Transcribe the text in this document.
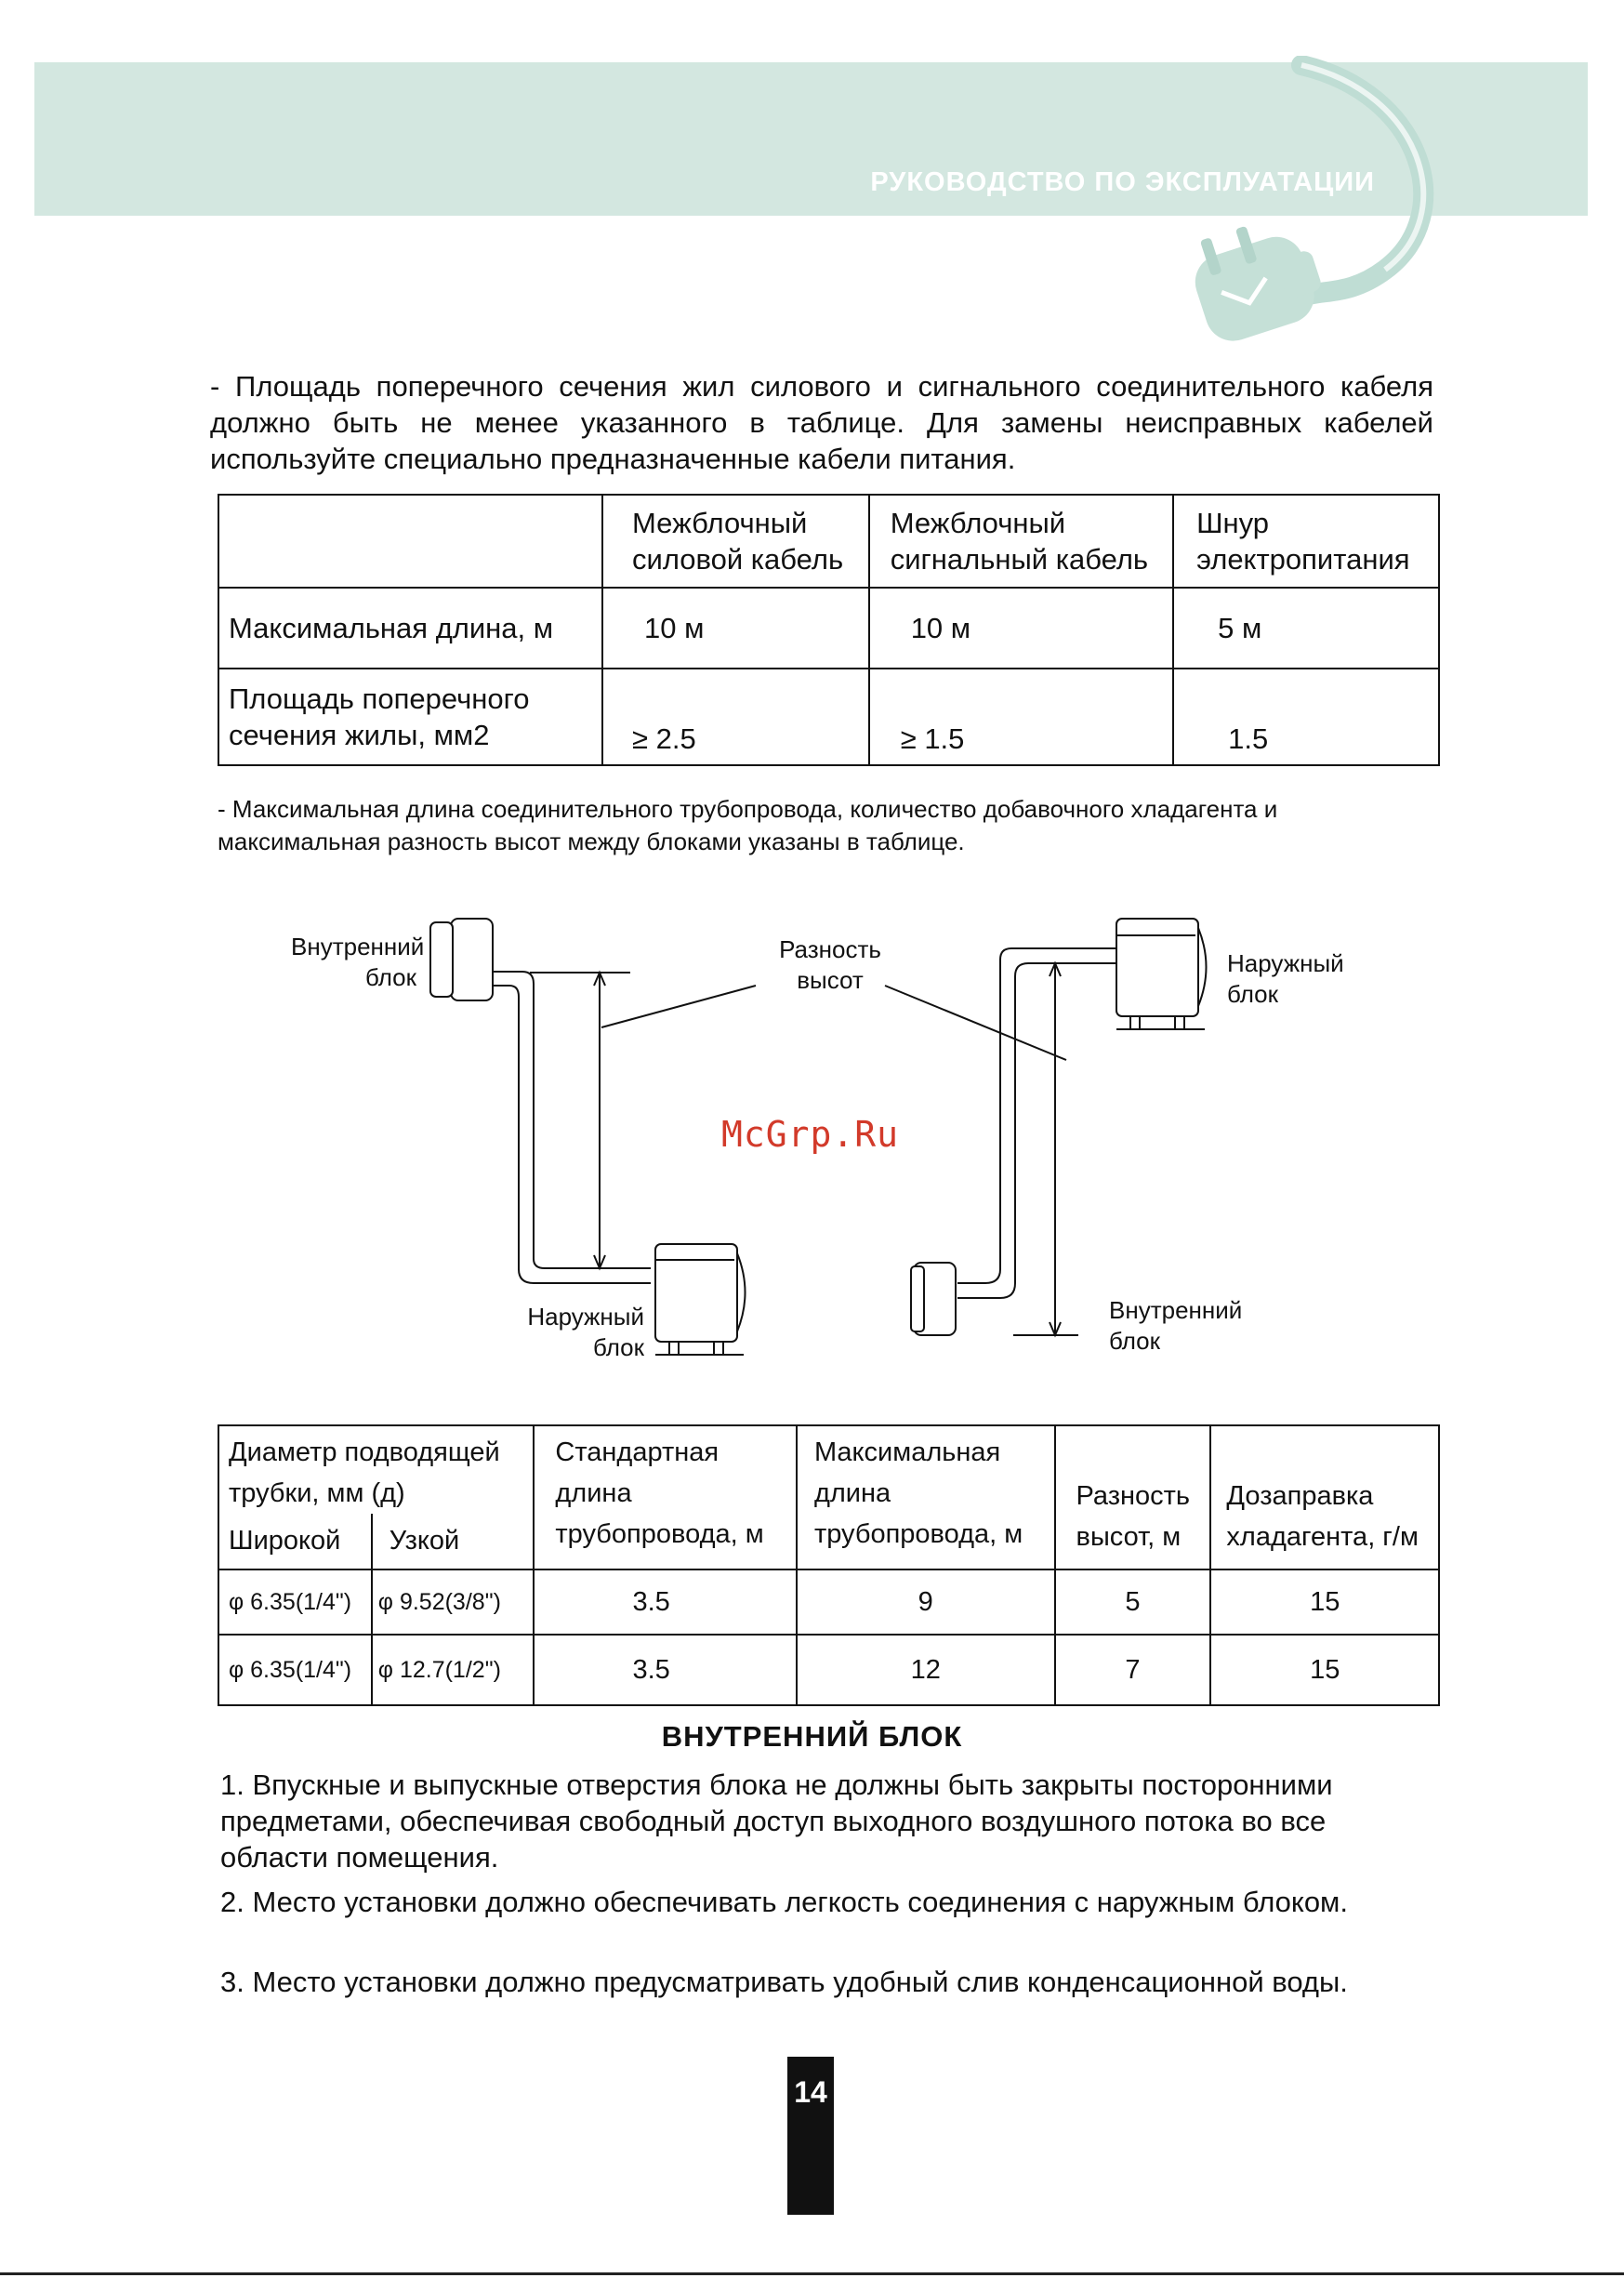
РУКОВОДСТВО ПО ЭКСПЛУАТАЦИИ
- Площадь поперечного сечения жил силового и сигнального соединительного кабеля должно быть не менее указанного в таблице. Для замены неисправных кабелей используйте специально предназначенные кабели питания.

	Межблочный силовой кабель	Межблочный сигнальный кабель	Шнур электропитания

Максимальная длина, м	10 м	10 м	5 м

Площадь поперечного сечения жилы, мм2	≥ 2.5	≥ 1.5	1.5
- Максимальная длина соединительного трубопровода, количество добавочного хладагента и максимальная разность высот между блоками указаны в таблице.
Внутренний блок
Разность высот
Наружный блок
Наружный блок
Внутренний блок
McGrp.Ru
Диаметр подводящей трубки, мм (д)		Стандартная длина трубопровода, м	Максимальная длина трубопровода, м	Разность высот, м	Дозаправка хладагента, г/м

Широкой	Узкой				

φ 6.35(1/4")	φ 9.52(3/8")	3.5	9	5	15

φ 6.35(1/4")	φ 12.7(1/2")	3.5	12	7	15
ВНУТРЕННИЙ БЛОК
1. Впускные и выпускные отверстия блока не должны быть закрыты посторонними предметами, обеспечивая свободный доступ выходного воздушного потока во все области помещения.
2. Место установки должно обеспечивать легкость соединения с наружным блоком.
3. Место установки должно предусматривать удобный слив конденсационной воды.
14
